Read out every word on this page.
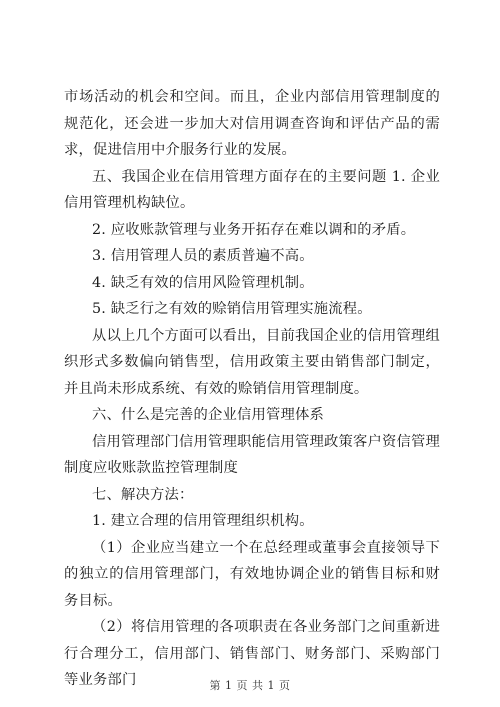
市场活动的机会和空间。而且，企业内部信用管理制度的规范化，还会进一步加大对信用调查咨询和评估产品的需求，促进信用中介服务行业的发展。

五、我国企业在信用管理方面存在的主要问题 1. 企业信用管理机构缺位。

2. 应收账款管理与业务开拓存在难以调和的矛盾。

3. 信用管理人员的素质普遍不高。

4. 缺乏有效的信用风险管理机制。

5. 缺乏行之有效的赊销信用管理实施流程。

从以上几个方面可以看出，目前我国企业的信用管理组织形式多数偏向销售型，信用政策主要由销售部门制定，并且尚未形成系统、有效的赊销信用管理制度。

六、什么是完善的企业信用管理体系

信用管理部门信用管理职能信用管理政策客户资信管理制度应收账款监控管理制度

七、解决方法：

1. 建立合理的信用管理组织机构。

（1）企业应当建立一个在总经理或董事会直接领导下的独立的信用管理部门，有效地协调企业的销售目标和财务目标。

（2）将信用管理的各项职责在各业务部门之间重新进行合理分工，信用部门、销售部门、财务部门、采购部门等业务部门	第 1 页 共 1 页
